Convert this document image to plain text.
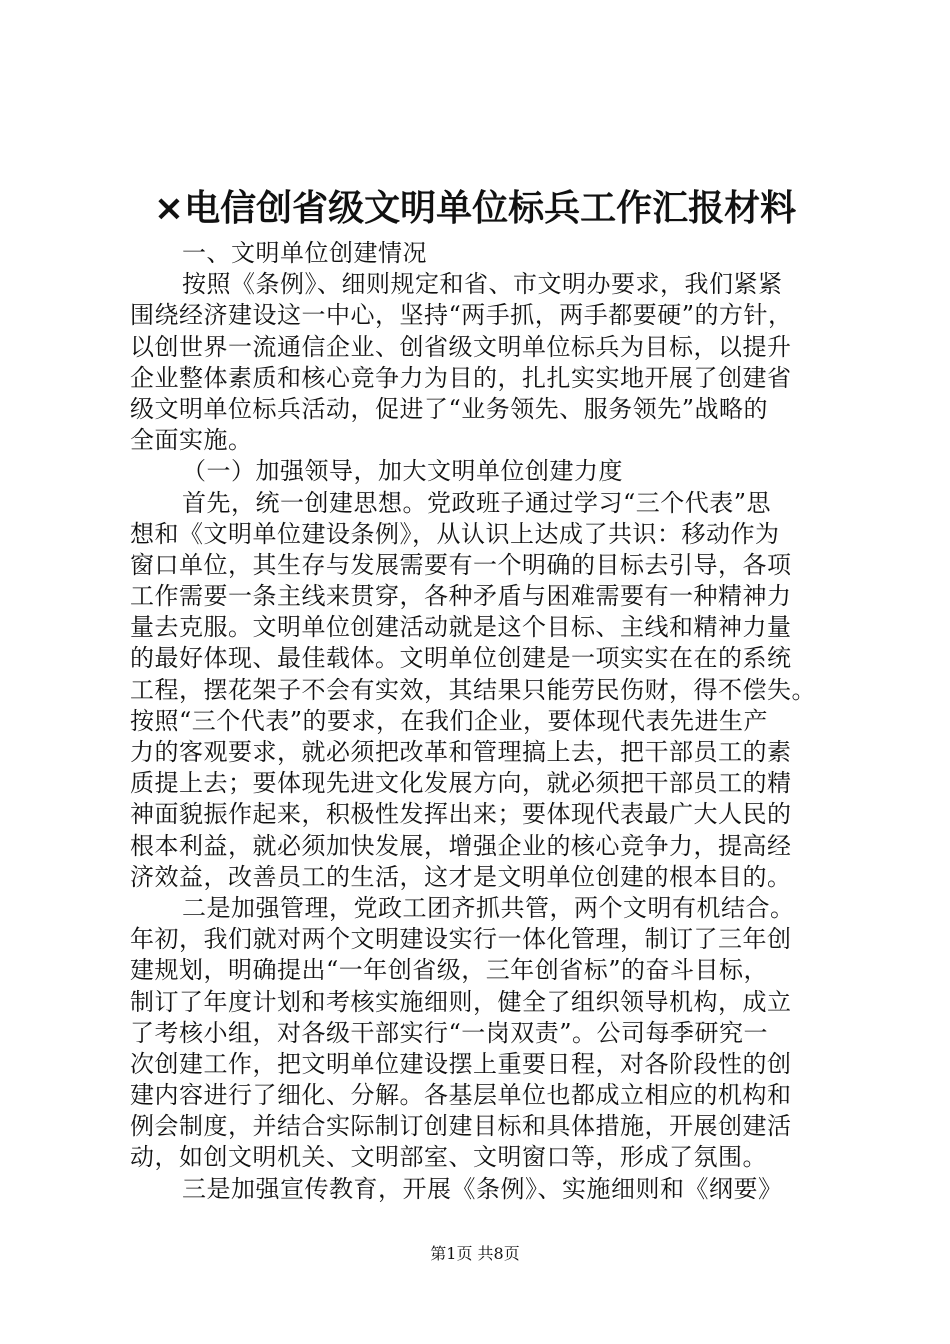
×电信创省级文明单位标兵工作汇报材料
一、文明单位创建情况
按照《条例》、细则规定和省、市文明办要求，我们紧紧
围绕经济建设这一中心，坚持“两手抓，两手都要硬”的方针，
以创世界一流通信企业、创省级文明单位标兵为目标，以提升
企业整体素质和核心竞争力为目的，扎扎实实地开展了创建省
级文明单位标兵活动，促进了“业务领先、服务领先”战略的
全面实施。
（一）加强领导，加大文明单位创建力度
首先，统一创建思想。党政班子通过学习“三个代表”思
想和《文明单位建设条例》，从认识上达成了共识：移动作为
窗口单位，其生存与发展需要有一个明确的目标去引导，各项
工作需要一条主线来贯穿，各种矛盾与困难需要有一种精神力
量去克服。文明单位创建活动就是这个目标、主线和精神力量
的最好体现、最佳载体。文明单位创建是一项实实在在的系统
工程，摆花架子不会有实效，其结果只能劳民伤财，得不偿失。
按照“三个代表”的要求，在我们企业，要体现代表先进生产
力的客观要求，就必须把改革和管理搞上去，把干部员工的素
质提上去；要体现先进文化发展方向，就必须把干部员工的精
神面貌振作起来，积极性发挥出来；要体现代表最广大人民的
根本利益，就必须加快发展，增强企业的核心竞争力，提高经
济效益，改善员工的生活，这才是文明单位创建的根本目的。
二是加强管理，党政工团齐抓共管，两个文明有机结合。
年初，我们就对两个文明建设实行一体化管理，制订了三年创
建规划，明确提出“一年创省级，三年创省标”的奋斗目标，
制订了年度计划和考核实施细则，健全了组织领导机构，成立
了考核小组，对各级干部实行“一岗双责”。公司每季研究一
次创建工作，把文明单位建设摆上重要日程，对各阶段性的创
建内容进行了细化、分解。各基层单位也都成立相应的机构和
例会制度，并结合实际制订创建目标和具体措施，开展创建活
动，如创文明机关、文明部室、文明窗口等，形成了氛围。
三是加强宣传教育，开展《条例》、实施细则和《纲要》
第1页 共8页
